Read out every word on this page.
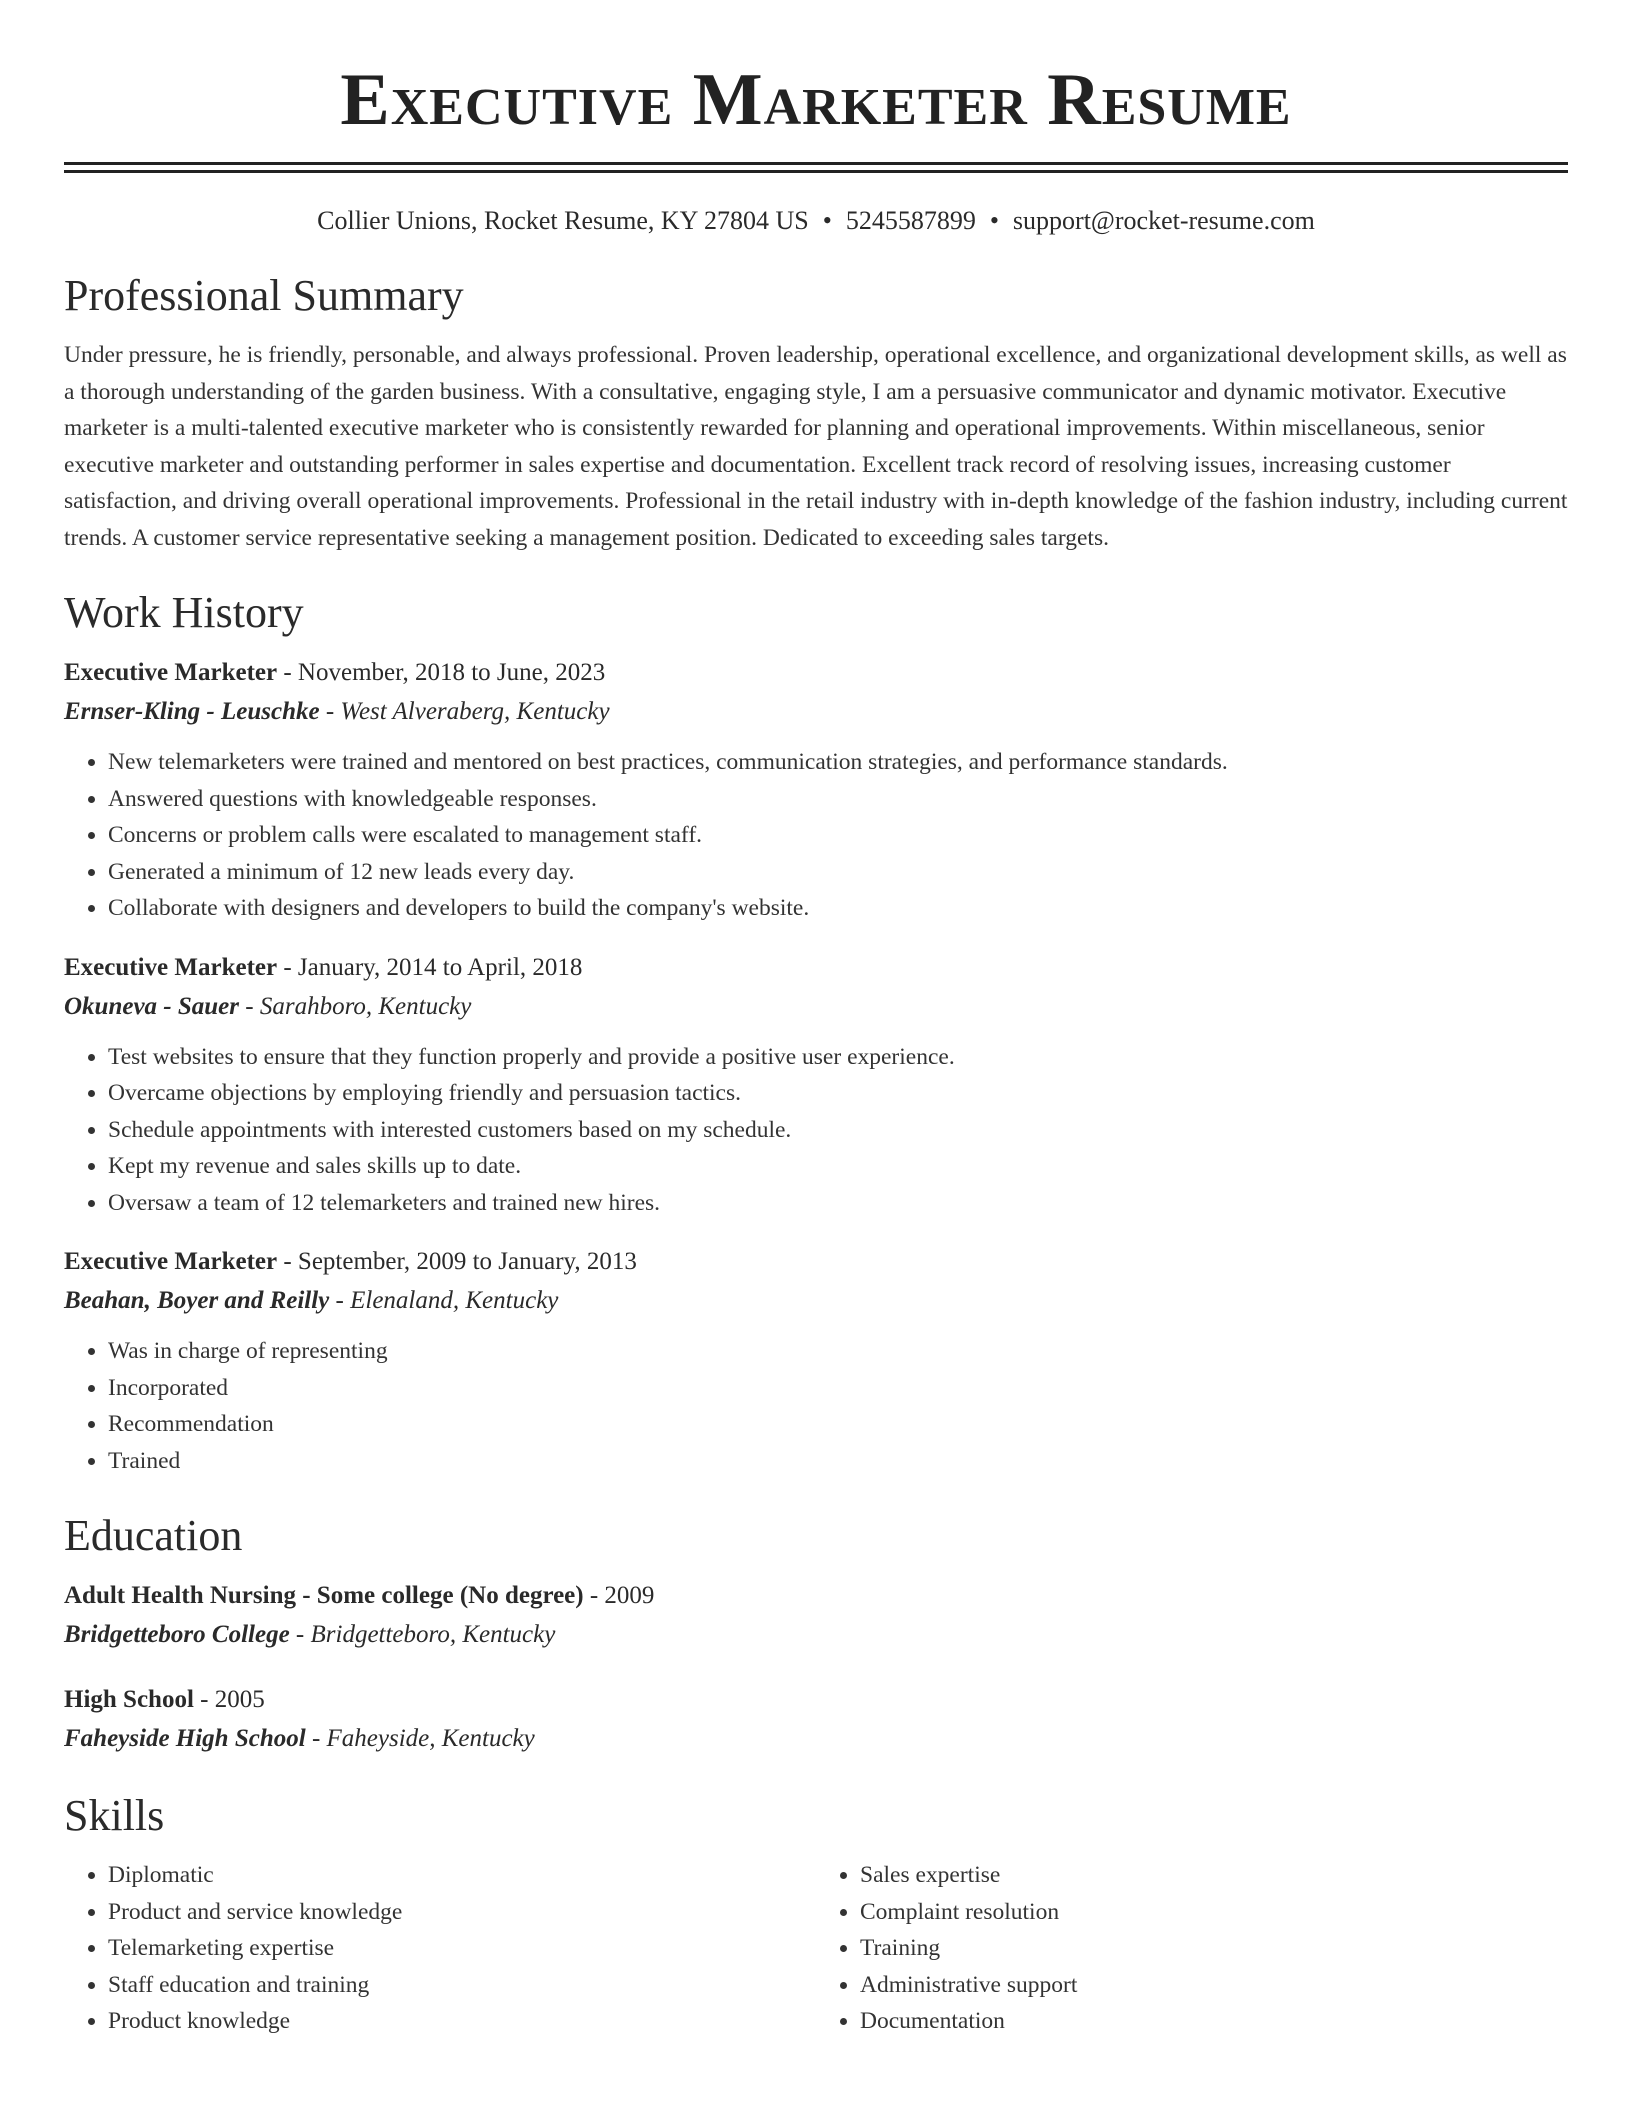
Executive Marketer Resume
Collier Unions, Rocket Resume, KY 27804 US • 5245587899 • support@rocket-resume.com
Professional Summary

Under pressure, he is friendly, personable, and always professional. Proven leadership, operational excellence, and organizational development skills, as well as a thorough understanding of the garden business. With a consultative, engaging style, I am a persuasive communicator and dynamic motivator. Executive marketer is a multi-talented executive marketer who is consistently rewarded for planning and operational improvements. Within miscellaneous, senior executive marketer and outstanding performer in sales expertise and documentation. Excellent track record of resolving issues, increasing customer satisfaction, and driving overall operational improvements. Professional in the retail industry with in-depth knowledge of the fashion industry, including current trends. A customer service representative seeking a management position. Dedicated to exceeding sales targets.

Work History
Executive Marketer - November, 2018 to June, 2023
Ernser-Kling - Leuschke - West Alveraberg, Kentucky
• New telemarketers were trained and mentored on best practices, communication strategies, and performance standards.
• Answered questions with knowledgeable responses.
• Concerns or problem calls were escalated to management staff.
• Generated a minimum of 12 new leads every day.
• Collaborate with designers and developers to build the company's website.
Executive Marketer - January, 2014 to April, 2018
Okuneva - Sauer - Sarahboro, Kentucky
• Test websites to ensure that they function properly and provide a positive user experience.
• Overcame objections by employing friendly and persuasion tactics.
• Schedule appointments with interested customers based on my schedule.
• Kept my revenue and sales skills up to date.
• Oversaw a team of 12 telemarketers and trained new hires.
Executive Marketer - September, 2009 to January, 2013
Beahan, Boyer and Reilly - Elenaland, Kentucky
• Was in charge of representing
• Incorporated
• Recommendation
• Trained
Education
Adult Health Nursing - Some college (No degree) - 2009
Bridgetteboro College - Bridgetteboro, Kentucky
High School - 2005
Faheyside High School - Faheyside, Kentucky
Skills
• Diplomatic
• Product and service knowledge
• Telemarketing expertise
• Staff education and training
• Product knowledge
• Sales expertise
• Complaint resolution
• Training
• Administrative support
• Documentation
